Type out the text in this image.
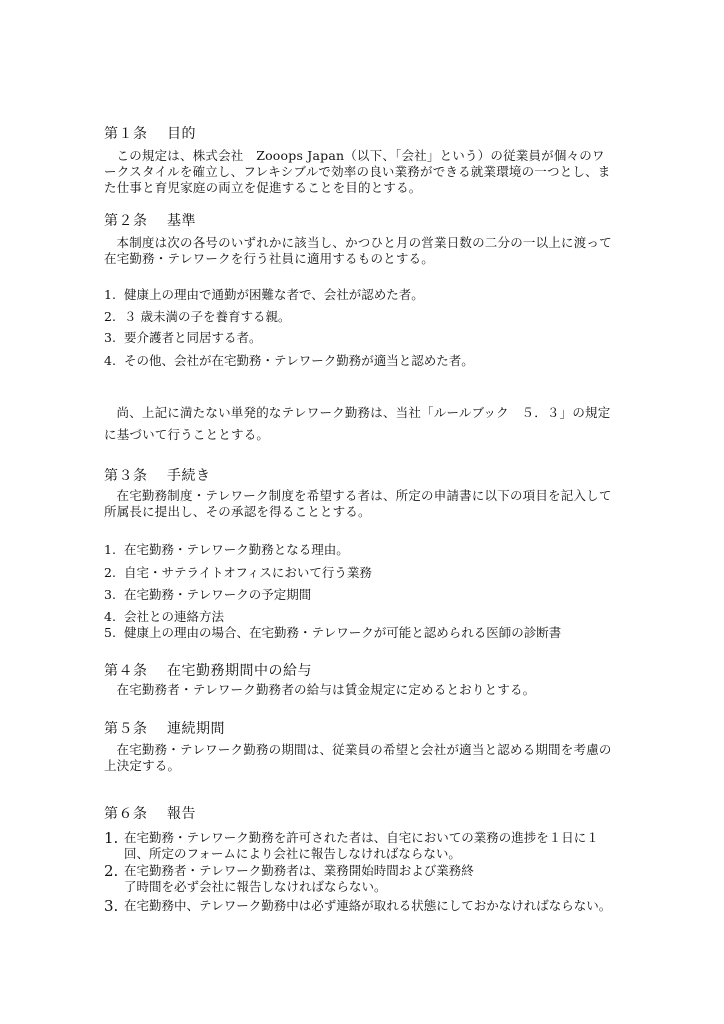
第１条　 目的

この規定は、株式会社　Zooops Japan（以下、「会社」という）の従業員が個々のワークスタイルを確立し、フレキシブルで効率の良い業務ができる就業環境の一つとし、また仕事と育児家庭の両立を促進することを目的とする。

第２条　 基準

本制度は次の各号のいずれかに該当し、かつひと月の営業日数の二分の一以上に渡って在宅勤務・テレワークを行う社員に適用するものとする。

1. 健康上の理由で通勤が困難な者で、会社が認めた者。
2. ３ 歳未満の子を養育する親。
3. 要介護者と同居する者。
4. その他、会社が在宅勤務・テレワーク勤務が適当と認めた者。

尚、上記に満たない単発的なテレワーク勤務は、当社「ルールブック　５．３」の規定に基づいて行うこととする。

第３条　 手続き

在宅勤務制度・テレワーク制度を希望する者は、所定の申請書に以下の項目を記入して所属長に提出し、その承認を得ることとする。

1. 在宅勤務・テレワーク勤務となる理由。
2. 自宅・サテライトオフィスにおいて行う業務
3. 在宅勤務・テレワークの予定期間
4. 会社との連絡方法
5. 健康上の理由の場合、在宅勤務・テレワークが可能と認められる医師の診断書
第４条　 在宅勤務期間中の給与

在宅勤務者・テレワーク勤務者の給与は賃金規定に定めるとおりとする。

第５条　 連続期間

在宅勤務・テレワーク勤務の期間は、従業員の希望と会社が適当と認める期間を考慮の上決定する。

第６条　 報告
1. 在宅勤務・テレワーク勤務を許可された者は、自宅においての業務の進捗を１日に１回、所定のフォームにより会社に報告しなければならない。
2. 在宅勤務者・テレワーク勤務者は、業務開始時間および業務終了時間を必ず会社に報告しなければならない。
3. 在宅勤務中、テレワーク勤務中は必ず連絡が取れる状態にしておかなければならない。
